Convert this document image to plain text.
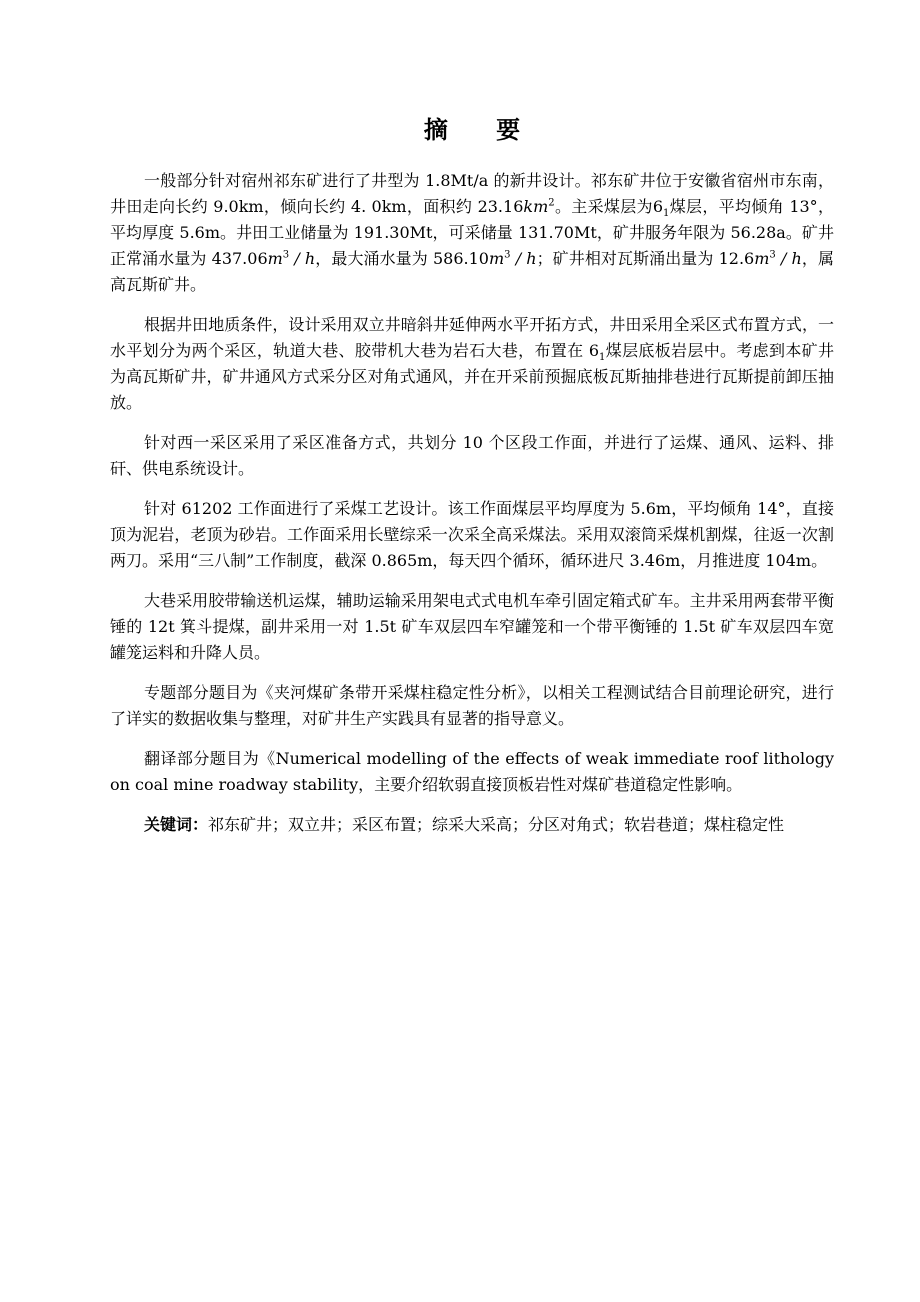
摘 要

一般部分针对宿州祁东矿进行了井型为 1.8Mt/a 的新井设计。祁东矿井位于安徽省宿州市东南，井田走向长约 9.0km，倾向长约 4. 0km，面积约 $23.16km^2$。主采煤层为$6_1$煤层，平均倾角 13°，平均厚度 5.6m。井田工业储量为 191.30Mt，可采储量 131.70Mt，矿井服务年限为 56.28a。矿井正常涌水量为 $437.06m^3$ / h，最大涌水量为 $586.10m^3$ / h；矿井相对瓦斯涌出量为 $12.6m^3$ / h，属高瓦斯矿井。

根据井田地质条件，设计采用双立井暗斜井延伸两水平开拓方式，井田采用全采区式布置方式，一水平划分为两个采区，轨道大巷、胶带机大巷为岩石大巷，布置在 $6_1$煤层底板岩层中。考虑到本矿井为高瓦斯矿井，矿井通风方式采分区对角式通风，并在开采前预掘底板瓦斯抽排巷进行瓦斯提前卸压抽放。

针对西一采区采用了采区准备方式，共划分 10 个区段工作面，并进行了运煤、通风、运料、排矸、供电系统设计。

针对 61202 工作面进行了采煤工艺设计。该工作面煤层平均厚度为 5.6m，平均倾角 14°，直接顶为泥岩，老顶为砂岩。工作面采用长壁综采一次采全高采煤法。采用双滚筒采煤机割煤，往返一次割两刀。采用“三八制”工作制度，截深 0.865m，每天四个循环，循环进尺 3.46m，月推进度 104m。

大巷采用胶带输送机运煤，辅助运输采用架电式式电机车牵引固定箱式矿车。主井采用两套带平衡锤的 12t 箕斗提煤，副井采用一对 1.5t 矿车双层四车窄罐笼和一个带平衡锤的 1.5t 矿车双层四车宽罐笼运料和升降人员。

专题部分题目为《夹河煤矿条带开采煤柱稳定性分析》，以相关工程测试结合目前理论研究，进行了详实的数据收集与整理，对矿井生产实践具有显著的指导意义。

翻译部分题目为《Numerical modelling of the effects of weak immediate roof lithology on coal mine roadway stability，主要介绍软弱直接顶板岩性对煤矿巷道稳定性影响。

关键词：祁东矿井；双立井；采区布置；综采大采高；分区对角式；软岩巷道；煤柱稳定性
